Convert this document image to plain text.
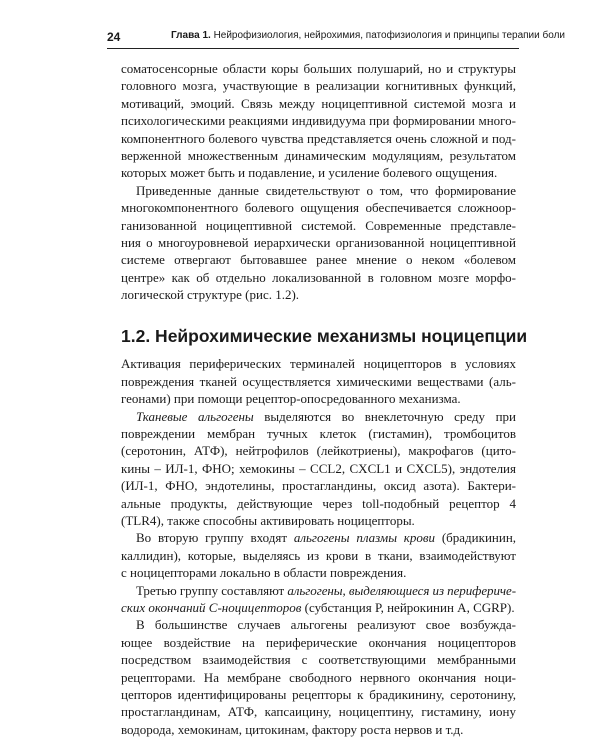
24	Глава 1. Нейрофизиология, нейрохимия, патофизиология и принципы терапии боли
соматосенсорные области коры больших полушарий, но и структуры
головного мозга, участвующие в реализации когнитивных функций,
мотиваций, эмоций. Связь между ноцицептивной системой мозга и
психологическими реакциями индивидуума при формировании много-
компонентного болевого чувства представляется очень сложной и под-
верженной множественным динамическим модуляциям, результатом
которых может быть и подавление, и усиление болевого ощущения.
Приведенные данные свидетельствуют о том, что формирование
многокомпонентного болевого ощущения обеспечивается сложноор-
ганизованной ноцицептивной системой. Современные представле-
ния о многоуровневой иерархически организованной ноцицептивной
системе отвергают бытовавшее ранее мнение о неком «болевом
центре» как об отдельно локализованной в головном мозге морфо-
логической структуре (рис. 1.2).
1.2. Нейрохимические механизмы ноцицепции
Активация периферических терминалей ноцицепторов в условиях
повреждения тканей осуществляется химическими веществами (аль-
геонами) при помощи рецептор-опосредованного механизма.
Тканевые альгогены выделяются во внеклеточную среду при
повреждении мембран тучных клеток (гистамин), тромбоцитов
(серотонин, АТФ), нейтрофилов (лейкотриены), макрофагов (цито-
кины – ИЛ-1, ФНО; хемокины – CCL2, CXCL1 и CXCL5), эндотелия
(ИЛ-1, ФНО, эндотелины, простагландины, оксид азота). Бактери-
альные продукты, действующие через toll-подобный рецептор 4
(TLR4), также способны активировать ноцицепторы.
Во вторую группу входят альгогены плазмы крови (брадикинин,
каллидин), которые, выделяясь из крови в ткани, взаимодействуют
с ноцицепторами локально в области повреждения.
Третью группу составляют альгогены, выделяющиеся из перифериче-
ских окончаний С-ноцицепторов (субстанция Р, нейрокинин А, CGRP).
В большинстве случаев альгогены реализуют свое возбужда-
ющее воздействие на периферические окончания ноцицепторов
посредством взаимодействия с соответствующими мембранными
рецепторами. На мембране свободного нервного окончания ноци-
цепторов идентифицированы рецепторы к брадикинину, серотонину,
простагландинам, АТФ, капсаицину, ноцицептину, гистамину, иону
водорода, хемокинам, цитокинам, фактору роста нервов и т.д.
